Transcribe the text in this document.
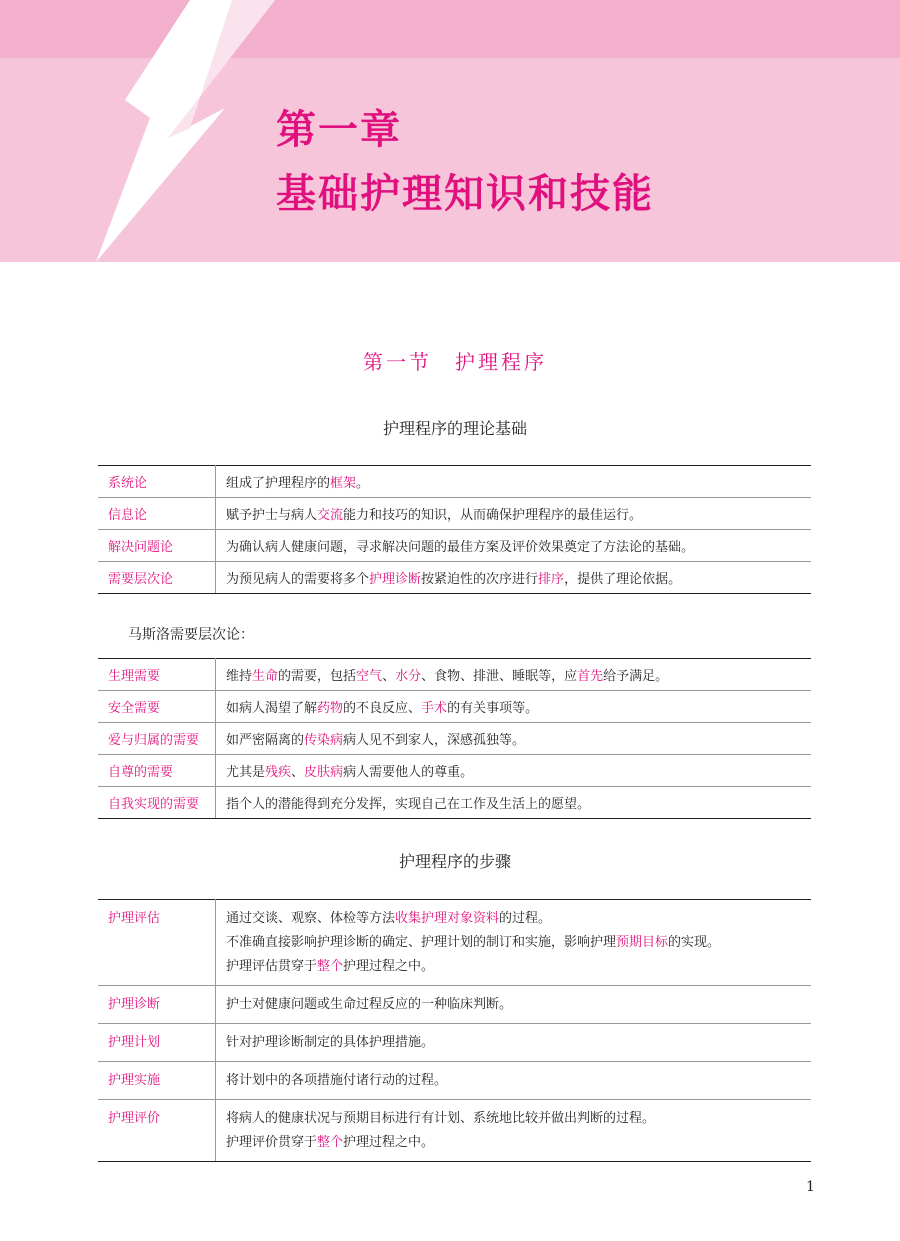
第一章
基础护理知识和技能
第一节　护理程序
护理程序的理论基础
系统论	组成了护理程序的框架。
信息论	赋予护士与病人交流能力和技巧的知识，从而确保护理程序的最佳运行。
解决问题论	为确认病人健康问题，寻求解决问题的最佳方案及评价效果奠定了方法论的基础。
需要层次论	为预见病人的需要将多个护理诊断按紧迫性的次序进行排序，提供了理论依据。

马斯洛需要层次论：

生理需要	维持生命的需要，包括空气、水分、食物、排泄、睡眠等，应首先给予满足。
安全需要	如病人渴望了解药物的不良反应、手术的有关事项等。
爱与归属的需要	如严密隔离的传染病病人见不到家人，深感孤独等。
自尊的需要	尤其是残疾、皮肤病病人需要他人的尊重。
自我实现的需要	指个人的潜能得到充分发挥，实现自己在工作及生活上的愿望。
护理程序的步骤
护理评估	通过交谈、观察、体检等方法收集护理对象资料的过程。
不准确直接影响护理诊断的确定、护理计划的制订和实施，影响护理预期目标的实现。
护理评估贯穿于整个护理过程之中。

护理诊断	护士对健康问题或生命过程反应的一种临床判断。

护理计划	针对护理诊断制定的具体护理措施。

护理实施	将计划中的各项措施付诸行动的过程。

护理评价	将病人的健康状况与预期目标进行有计划、系统地比较并做出判断的过程。
护理评价贯穿于整个护理过程之中。

1
